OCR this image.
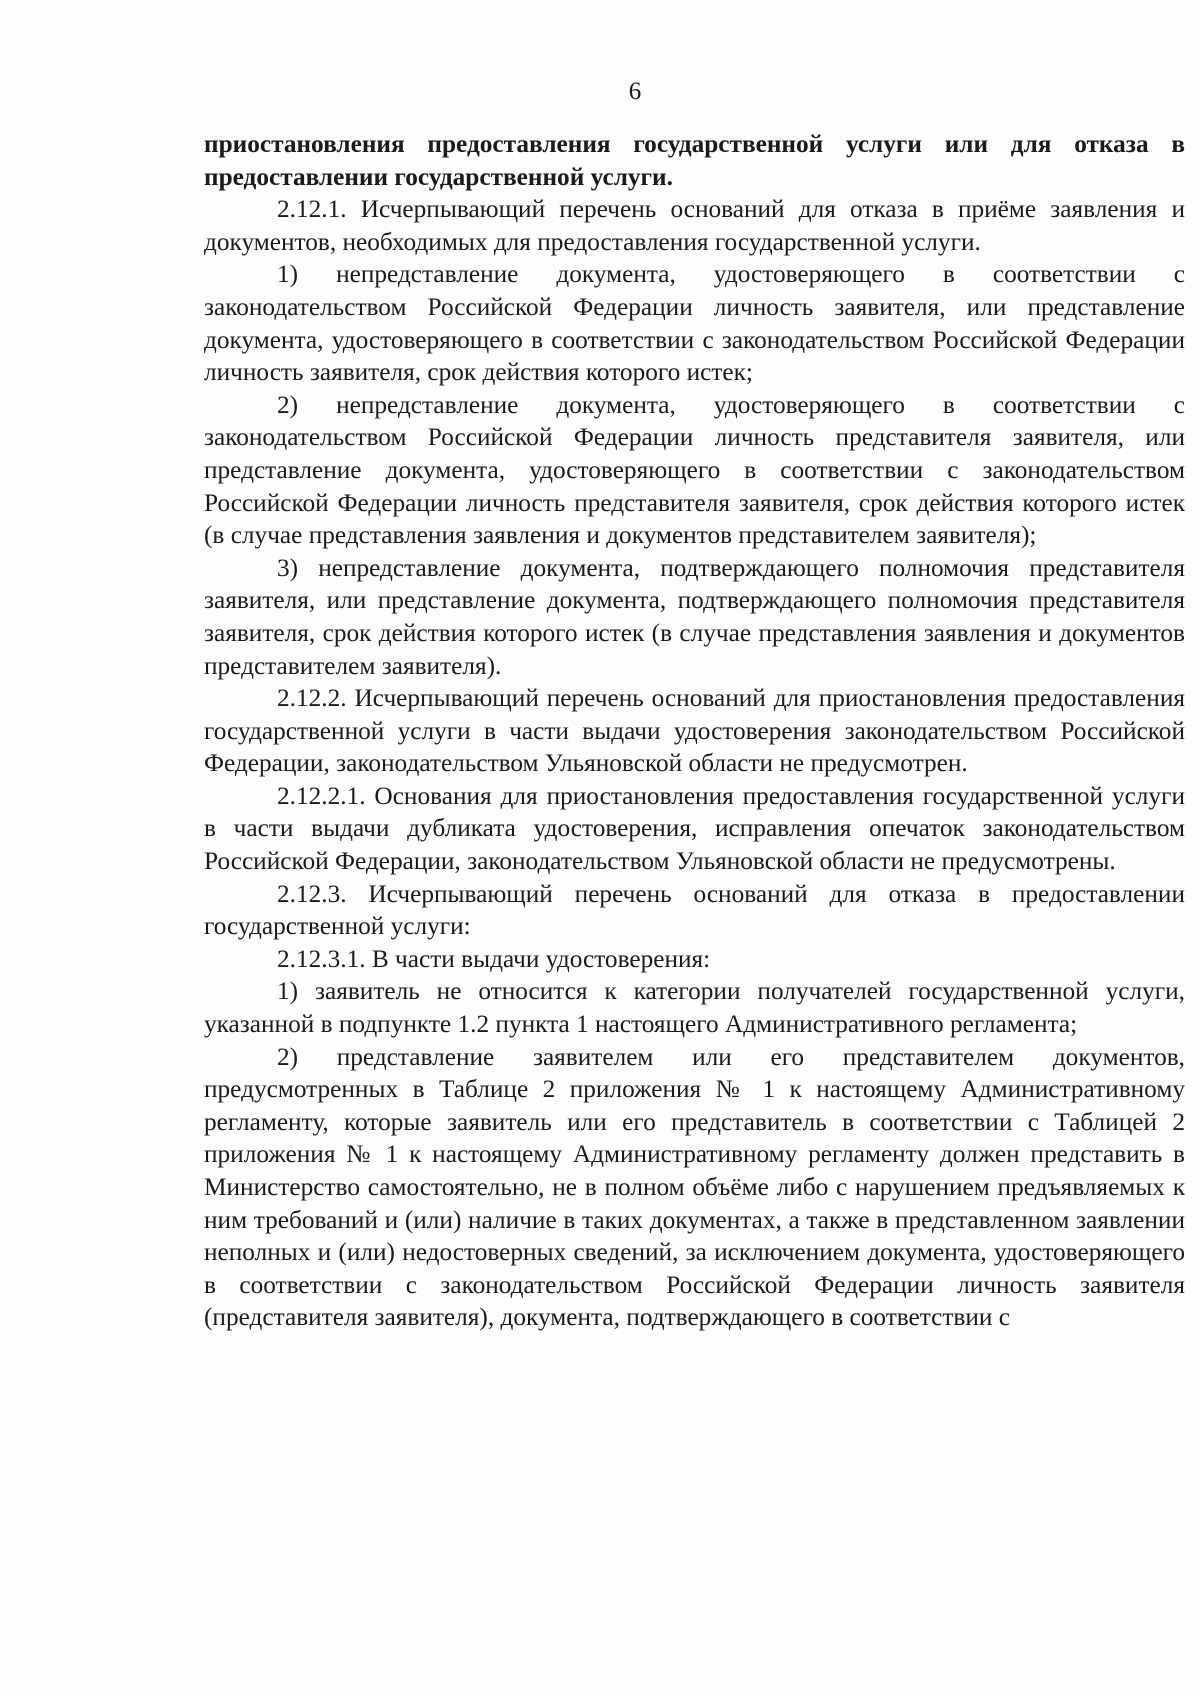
6

приостановления предоставления государственной услуги или для отказа в предоставлении государственной услуги.

2.12.1. Исчерпывающий перечень оснований для отказа в приёме заявления и документов, необходимых для предоставления государственной услуги.

1) непредставление документа, удостоверяющего в соответствии с законодательством Российской Федерации личность заявителя, или представление документа, удостоверяющего в соответствии с законодательством Российской Федерации личность заявителя, срок действия которого истек;

2) непредставление документа, удостоверяющего в соответствии с законодательством Российской Федерации личность представителя заявителя, или представление документа, удостоверяющего в соответствии с законодательством Российской Федерации личность представителя заявителя, срок действия которого истек (в случае представления заявления и документов представителем заявителя);

3) непредставление документа, подтверждающего полномочия представителя заявителя, или представление документа, подтверждающего полномочия представителя заявителя, срок действия которого истек (в случае представления заявления и документов представителем заявителя).

2.12.2. Исчерпывающий перечень оснований для приостановления предоставления государственной услуги в части выдачи удостоверения законодательством Российской Федерации, законодательством Ульяновской области не предусмотрен.

2.12.2.1. Основания для приостановления предоставления государственной услуги в части выдачи дубликата удостоверения, исправления опечаток законодательством Российской Федерации, законодательством Ульяновской области не предусмотрены.

2.12.3. Исчерпывающий перечень оснований для отказа в предоставлении государственной услуги:

2.12.3.1. В части выдачи удостоверения:

1) заявитель не относится к категории получателей государственной услуги, указанной в подпункте 1.2 пункта 1 настоящего Административного регламента;

2) представление заявителем или его представителем документов, предусмотренных в Таблице 2 приложения № 1 к настоящему Административному регламенту, которые заявитель или его представитель в соответствии с Таблицей 2 приложения № 1 к настоящему Административному регламенту должен представить в Министерство самостоятельно, не в полном объёме либо с нарушением предъявляемых к ним требований и (или) наличие в таких документах, а также в представленном заявлении неполных и (или) недостоверных сведений, за исключением документа, удостоверяющего в соответствии с законодательством Российской Федерации личность заявителя (представителя заявителя), документа, подтверждающего в соответствии с
